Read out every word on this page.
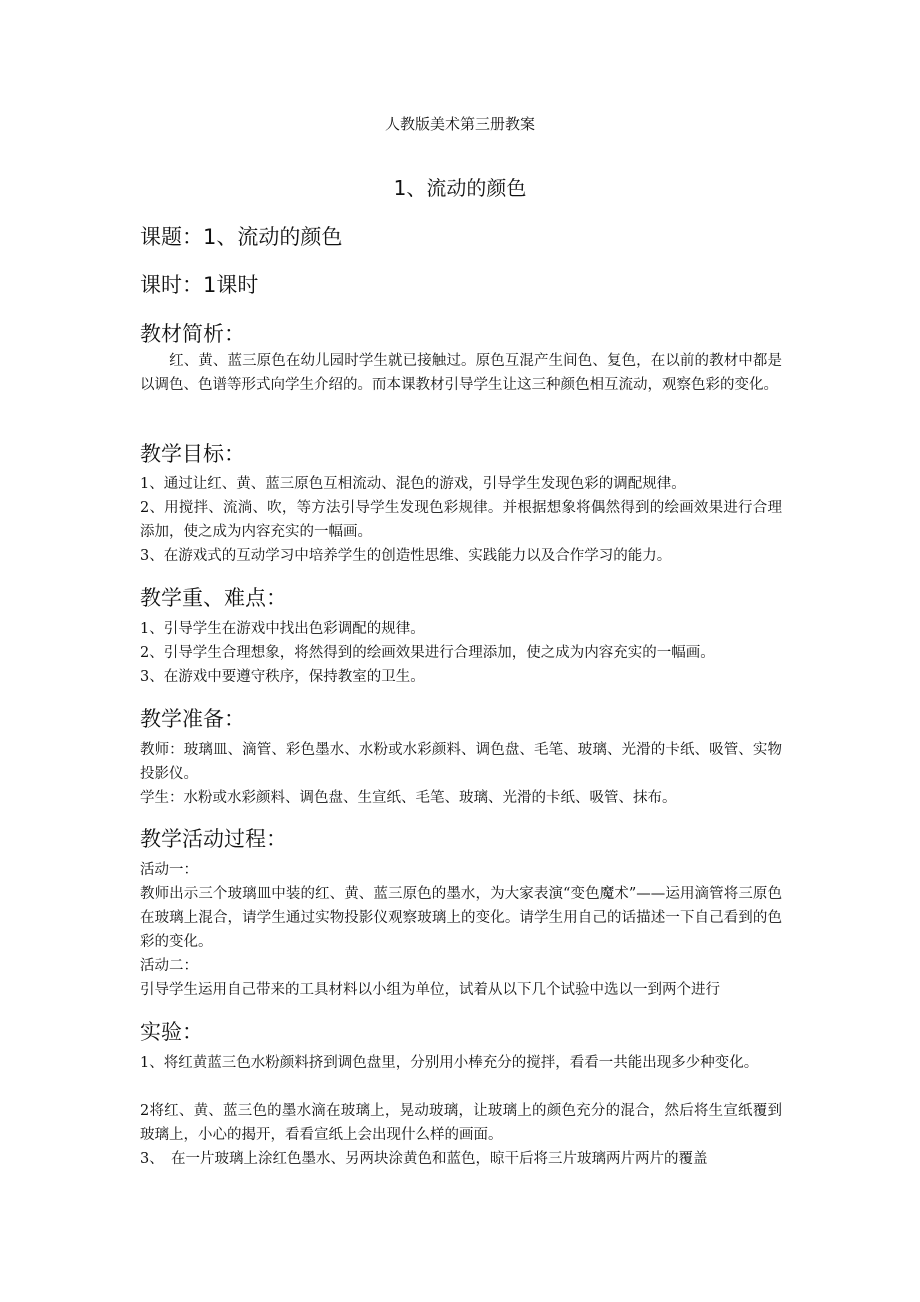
人教版美术第三册教案
1、流动的颜色
课题：1、流动的颜色
课时：1课时
教材简析：
红、黄、蓝三原色在幼儿园时学生就已接触过。原色互混产生间色、复色，在以前的教材中都是以调色、色谱等形式向学生介绍的。而本课教材引导学生让这三种颜色相互流动，观察色彩的变化。
教学目标：
1、通过让红、黄、蓝三原色互相流动、混色的游戏，引导学生发现色彩的调配规律。
2、用搅拌、流淌、吹，等方法引导学生发现色彩规律。并根据想象将偶然得到的绘画效果进行合理添加，使之成为内容充实的一幅画。
3、在游戏式的互动学习中培养学生的创造性思维、实践能力以及合作学习的能力。
教学重、难点：
1、引导学生在游戏中找出色彩调配的规律。
2、引导学生合理想象，将然得到的绘画效果进行合理添加，使之成为内容充实的一幅画。
3、在游戏中要遵守秩序，保持教室的卫生。
教学准备：
教师：玻璃皿、滴管、彩色墨水、水粉或水彩颜料、调色盘、毛笔、玻璃、光滑的卡纸、吸管、实物投影仪。
学生：水粉或水彩颜料、调色盘、生宣纸、毛笔、玻璃、光滑的卡纸、吸管、抹布。
教学活动过程：
活动一：
教师出示三个玻璃皿中装的红、黄、蓝三原色的墨水，为大家表演“变色魔术”——运用滴管将三原色在玻璃上混合，请学生通过实物投影仪观察玻璃上的变化。请学生用自己的话描述一下自己看到的色彩的变化。
活动二：
引导学生运用自己带来的工具材料以小组为单位，试着从以下几个试验中选以一到两个进行
实验：
1、将红黄蓝三色水粉颜料挤到调色盘里，分别用小棒充分的搅拌，看看一共能出现多少种变化。
2将红、黄、蓝三色的墨水滴在玻璃上，晃动玻璃，让玻璃上的颜色充分的混合，然后将生宣纸覆到玻璃上，小心的揭开，看看宣纸上会出现什么样的画面。
3、　在一片玻璃上涂红色墨水、另两块涂黄色和蓝色，晾干后将三片玻璃两片两片的覆盖
